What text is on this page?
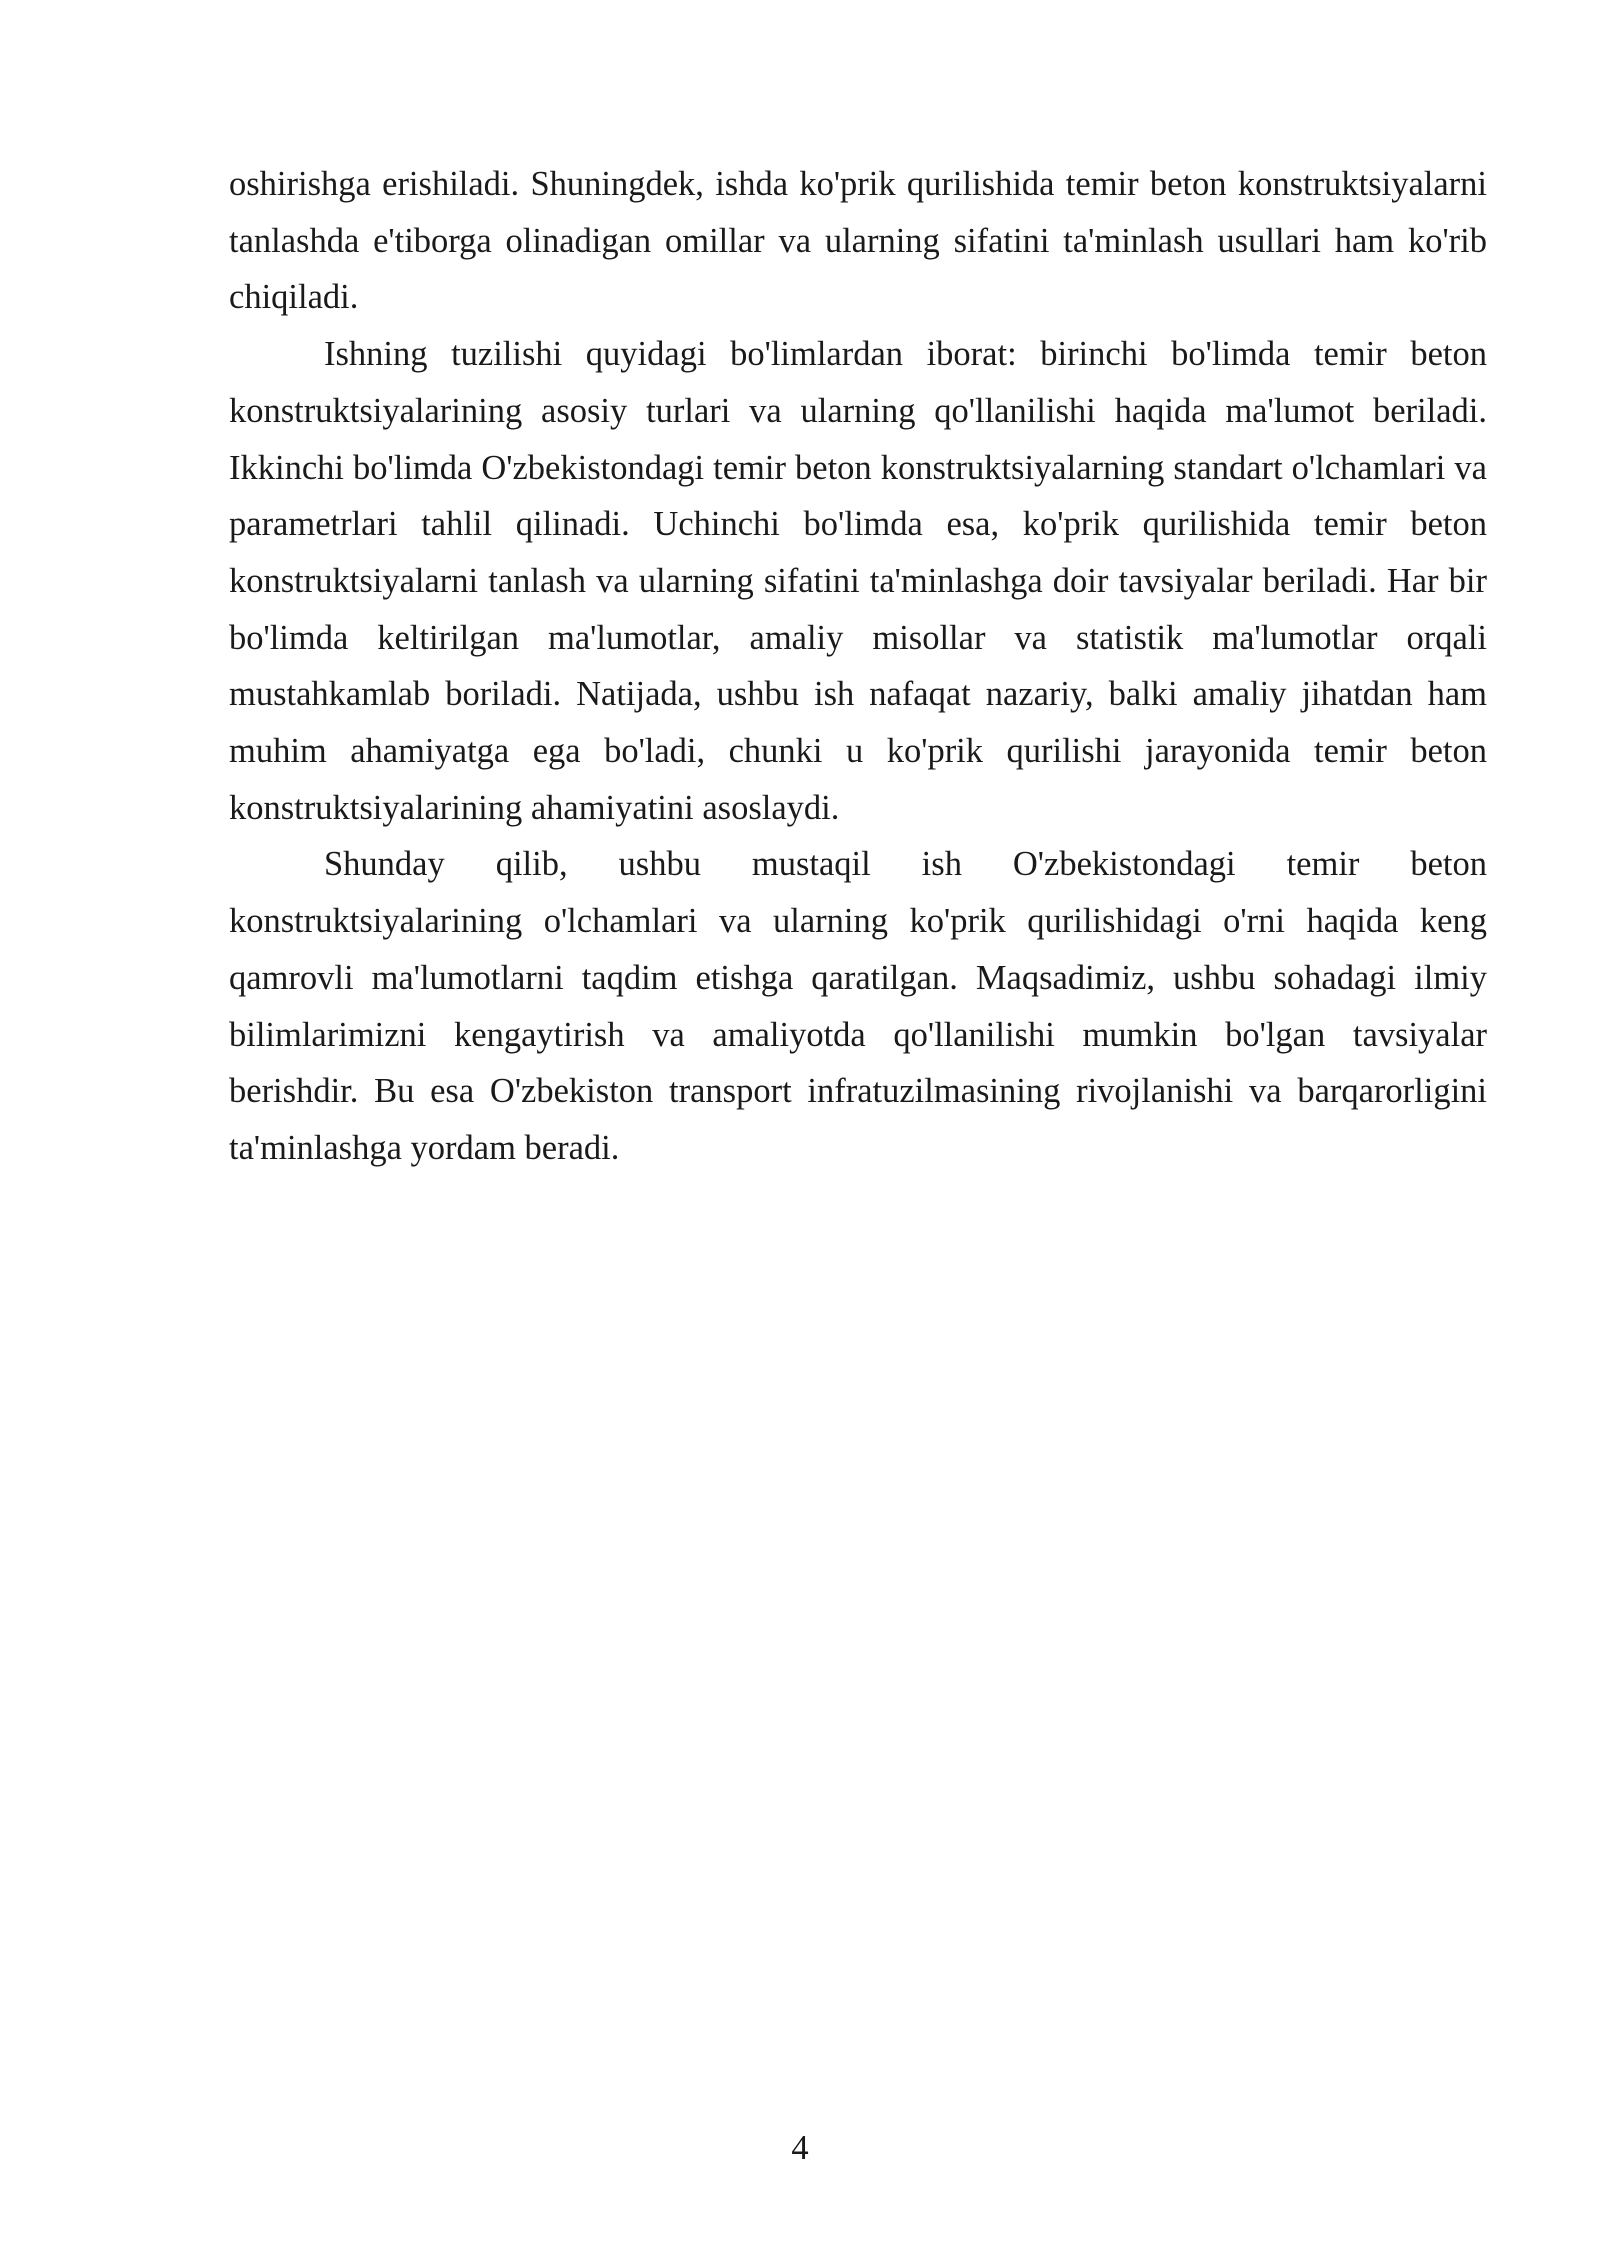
oshirishga erishiladi. Shuningdek, ishda ko'prik qurilishida temir beton konstruktsiyalarni tanlashda e'tiborga olinadigan omillar va ularning sifatini ta'minlash usullari ham ko'rib chiqiladi.

Ishning tuzilishi quyidagi bo'limlardan iborat: birinchi bo'limda temir beton konstruktsiyalarining asosiy turlari va ularning qo'llanilishi haqida ma'lumot beriladi. Ikkinchi bo'limda O'zbekistondagi temir beton konstruktsiyalarning standart o'lchamlari va parametrlari tahlil qilinadi. Uchinchi bo'limda esa, ko'prik qurilishida temir beton konstruktsiyalarni tanlash va ularning sifatini ta'minlashga doir tavsiyalar beriladi. Har bir bo'limda keltirilgan ma'lumotlar, amaliy misollar va statistik ma'lumotlar orqali mustahkamlab boriladi. Natijada, ushbu ish nafaqat nazariy, balki amaliy jihatdan ham muhim ahamiyatga ega bo'ladi, chunki u ko'prik qurilishi jarayonida temir beton konstruktsiyalarining ahamiyatini asoslaydi.

Shunday qilib, ushbu mustaqil ish O'zbekistondagi temir beton konstruktsiyalarining o'lchamlari va ularning ko'prik qurilishidagi o'rni haqida keng qamrovli ma'lumotlarni taqdim etishga qaratilgan. Maqsadimiz, ushbu sohadagi ilmiy bilimlarimizni kengaytirish va amaliyotda qo'llanilishi mumkin bo'lgan tavsiyalar berishdir. Bu esa O'zbekiston transport infratuzilmasining rivojlanishi va barqarorligini ta'minlashga yordam beradi.

4
